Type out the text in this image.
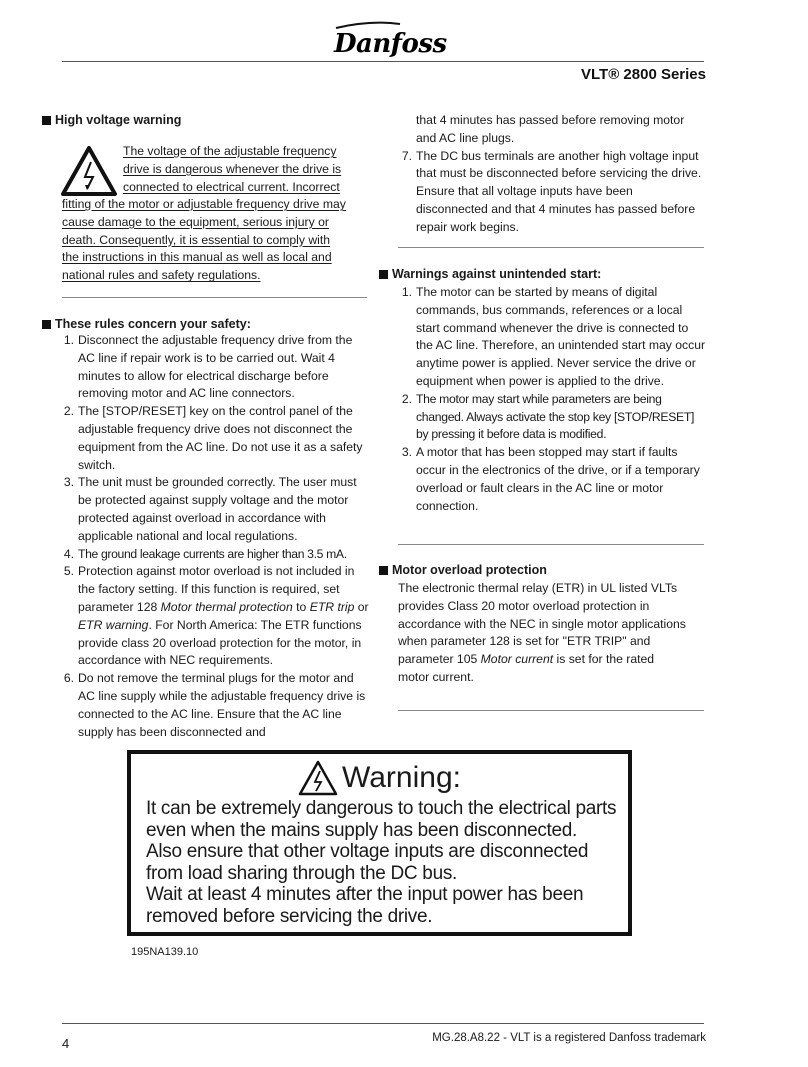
Danfoss
VLT® 2800 Series
High voltage warning
The voltage of the adjustable frequency
drive is dangerous whenever the drive is
connected to electrical current. Incorrect
fitting of the motor or adjustable frequency drive may
cause damage to the equipment, serious injury or
death. Consequently, it is essential to comply with
the instructions in this manual as well as local and
national rules and safety regulations.
These rules concern your safety:
1. Disconnect the adjustable frequency drive from the AC line if repair work is to be carried out. Wait 4 minutes to allow for electrical discharge before removing motor and AC line connectors.
2. The [STOP/RESET] key on the control panel of the adjustable frequency drive does not disconnect the equipment from the AC line. Do not use it as a safety switch.
3. The unit must be grounded correctly. The user must be protected against supply voltage and the motor protected against overload in accordance with applicable national and local regulations.
4. The ground leakage currents are higher than 3.5 mA.
5. Protection against motor overload is not included in the factory setting. If this function is required, set parameter 128 Motor thermal protection to ETR trip or ETR warning. For North America: The ETR functions provide class 20 overload protection for the motor, in accordance with NEC requirements.
6. Do not remove the terminal plugs for the motor and AC line supply while the adjustable frequency drive is connected to the AC line. Ensure that the AC line supply has been disconnected and
that 4 minutes has passed before removing motor and AC line plugs.
7. The DC bus terminals are another high voltage input that must be disconnected before servicing the drive. Ensure that all voltage inputs have been disconnected and that 4 minutes has passed before repair work begins.
Warnings against unintended start:
1. The motor can be started by means of digital commands, bus commands, references or a local start command whenever the drive is connected to the AC line. Therefore, an unintended start may occur anytime power is applied. Never service the drive or equipment when power is applied to the drive.
2. The motor may start while parameters are being changed. Always activate the stop key [STOP/RESET] by pressing it before data is modified.
3. A motor that has been stopped may start if faults occur in the electronics of the drive, or if a temporary overload or fault clears in the AC line or motor connection.
Motor overload protection
The electronic thermal relay (ETR) in UL listed VLTs provides Class 20 motor overload protection in accordance with the NEC in single motor applications when parameter 128 is set for "ETR TRIP" and parameter 105 Motor current is set for the rated motor current.
Warning:
It can be extremely dangerous to touch the electrical parts
even when the mains supply has been disconnected.
Also ensure that other voltage inputs are disconnected
from load sharing through the DC bus.
Wait at least 4 minutes after the input power has been
removed before servicing the drive.
195NA139.10
4	MG.28.A8.22 - VLT is a registered Danfoss trademark
